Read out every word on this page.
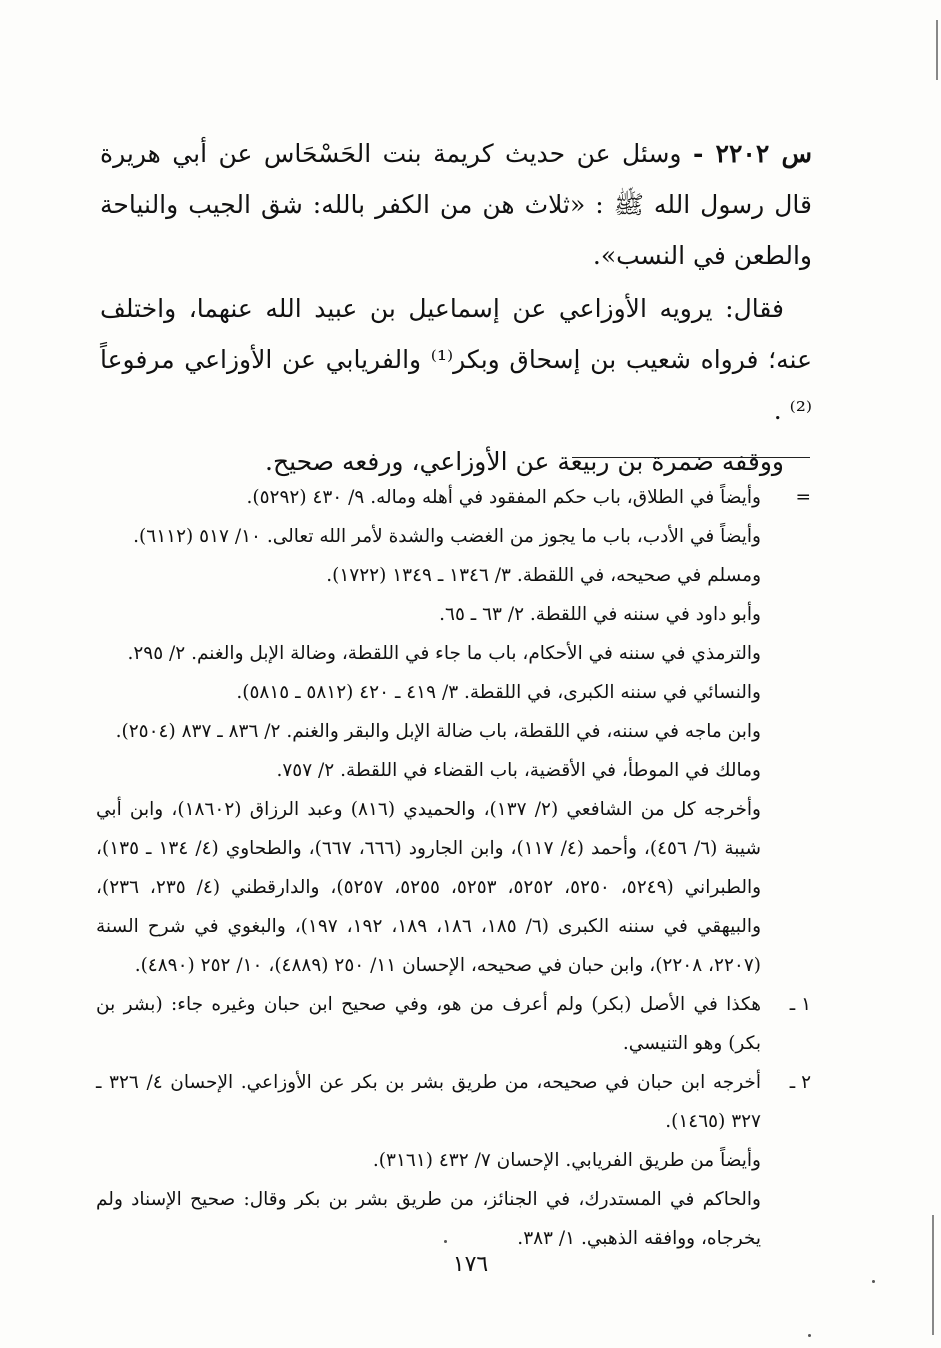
س ٢٢٠٢ - وسئل عن حديث كريمة بنت الحَسْحَاس عن أبي هريرة قال رسول الله ﷺ : «ثلاث هن من الكفر بالله: شق الجيب والنياحة والطعن في النسب».

فقال: يرويه الأوزاعي عن إسماعيل بن عبيد الله عنهما، واختلف عنه؛ فرواه شعيب بن إسحاق وبكر⁽¹⁾ والفريابي عن الأوزاعي مرفوعاً ⁽²⁾ .

ووقفه ضمرة بن ربيعة عن الأوزاعي، ورفعه صحيح.

=

وأيضاً في الطلاق، باب حكم المفقود في أهله وماله. ٩/ ٤٣٠ (٥٢٩٢).

وأيضاً في الأدب، باب ما يجوز من الغضب والشدة لأمر الله تعالى. ١٠/ ٥١٧ (٦١١٢).

ومسلم في صحيحه، في اللقطة. ٣/ ١٣٤٦ ـ ١٣٤٩ (١٧٢٢).

وأبو داود في سننه في اللقطة. ٢/ ٦٣ ـ ٦٥.

والترمذي في سننه في الأحكام، باب ما جاء في اللقطة، وضالة الإبل والغنم. ٢/ ٢٩٥.

والنسائي في سننه الكبرى، في اللقطة. ٣/ ٤١٩ ـ ٤٢٠ (٥٨١٢ ـ ٥٨١٥).

وابن ماجه في سننه، في اللقطة، باب ضالة الإبل والبقر والغنم. ٢/ ٨٣٦ ـ ٨٣٧ (٢٥٠٤).

ومالك في الموطأ، في الأقضية، باب القضاء في اللقطة. ٢/ ٧٥٧.

وأخرجه كل من الشافعي (٢/ ١٣٧)، والحميدي (٨١٦) وعبد الرزاق (١٨٦٠٢)، وابن أبي شيبة (٦/ ٤٥٦)، وأحمد (٤/ ١١٧)، وابن الجارود (٦٦٦، ٦٦٧)، والطحاوي (٤/ ١٣٤ ـ ١٣٥)، والطبراني (٥٢٤٩، ٥٢٥٠، ٥٢٥٢، ٥٢٥٣، ٥٢٥٥، ٥٢٥٧)، والدارقطني (٤/ ٢٣٥، ٢٣٦)، والبيهقي في سننه الكبرى (٦/ ١٨٥، ١٨٦، ١٨٩، ١٩٢، ١٩٧)، والبغوي في شرح السنة (٢٢٠٧، ٢٢٠٨)، وابن حبان في صحيحه، الإحسان ١١/ ٢٥٠ (٤٨٨٩)، ١٠/ ٢٥٢ (٤٨٩٠).

١ ـ

هكذا في الأصل (بكر) ولم أعرف من هو، وفي صحيح ابن حبان وغيره جاء: (بشر بن بكر) وهو التنيسي.

٢ ـ

أخرجه ابن حبان في صحيحه، من طريق بشر بن بكر عن الأوزاعي. الإحسان ٤/ ٣٢٦ ـ ٣٢٧ (١٤٦٥).

وأيضاً من طريق الفريابي. الإحسان ٧/ ٤٣٢ (٣١٦١).

والحاكم في المستدرك، في الجنائز، من طريق بشر بن بكر وقال: صحيح الإسناد ولم يخرجاه، ووافقه الذهبي. ١/ ٣٨٣.

١٧٦
